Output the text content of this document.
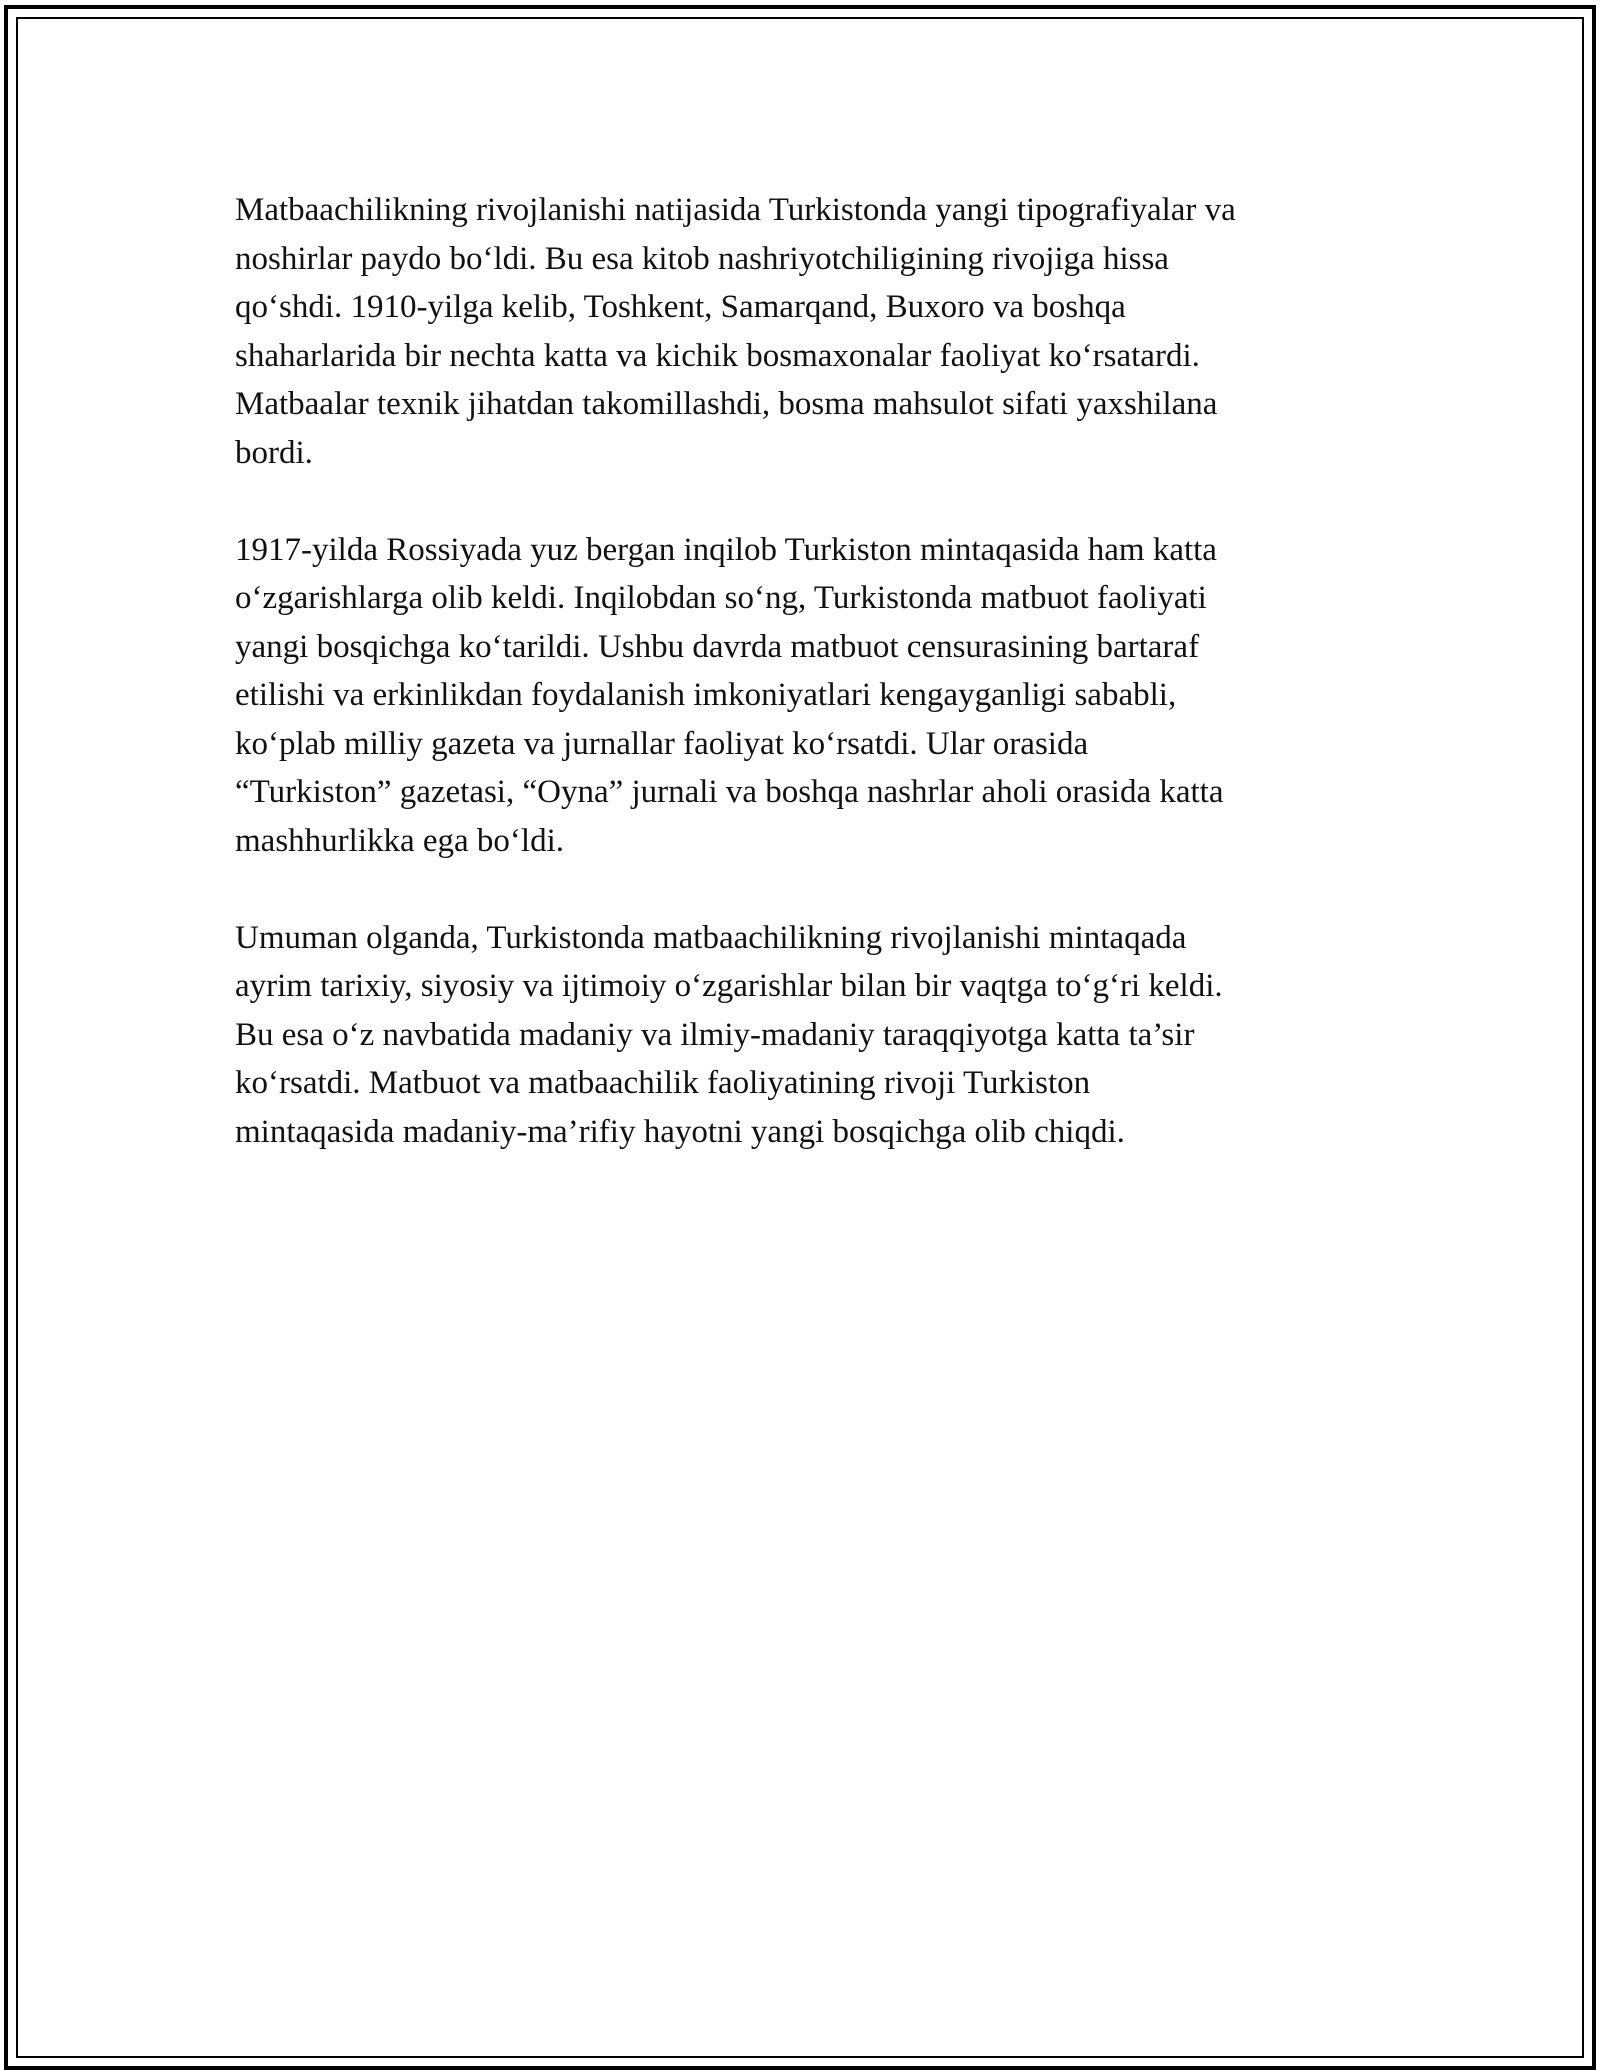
Matbaachilikning rivojlanishi natijasida Turkistonda yangi tipografiyalar va
noshirlar paydo bo‘ldi. Bu esa kitob nashriyotchiligining rivojiga hissa
qo‘shdi. 1910-yilga kelib, Toshkent, Samarqand, Buxoro va boshqa
shaharlarida bir nechta katta va kichik bosmaxonalar faoliyat ko‘rsatardi.
Matbaalar texnik jihatdan takomillashdi, bosma mahsulot sifati yaxshilana
bordi.

1917-yilda Rossiyada yuz bergan inqilob Turkiston mintaqasida ham katta
o‘zgarishlarga olib keldi. Inqilobdan so‘ng, Turkistonda matbuot faoliyati
yangi bosqichga ko‘tarildi. Ushbu davrda matbuot censurasining bartaraf
etilishi va erkinlikdan foydalanish imkoniyatlari kengayganligi sababli,
ko‘plab milliy gazeta va jurnallar faoliyat ko‘rsatdi. Ular orasida
“Turkiston” gazetasi, “Oyna” jurnali va boshqa nashrlar aholi orasida katta
mashhurlikka ega bo‘ldi.

Umuman olganda, Turkistonda matbaachilikning rivojlanishi mintaqada
ayrim tarixiy, siyosiy va ijtimoiy o‘zgarishlar bilan bir vaqtga to‘g‘ri keldi.
Bu esa o‘z navbatida madaniy va ilmiy-madaniy taraqqiyotga katta ta’sir
ko‘rsatdi. Matbuot va matbaachilik faoliyatining rivoji Turkiston
mintaqasida madaniy-ma’rifiy hayotni yangi bosqichga olib chiqdi.
